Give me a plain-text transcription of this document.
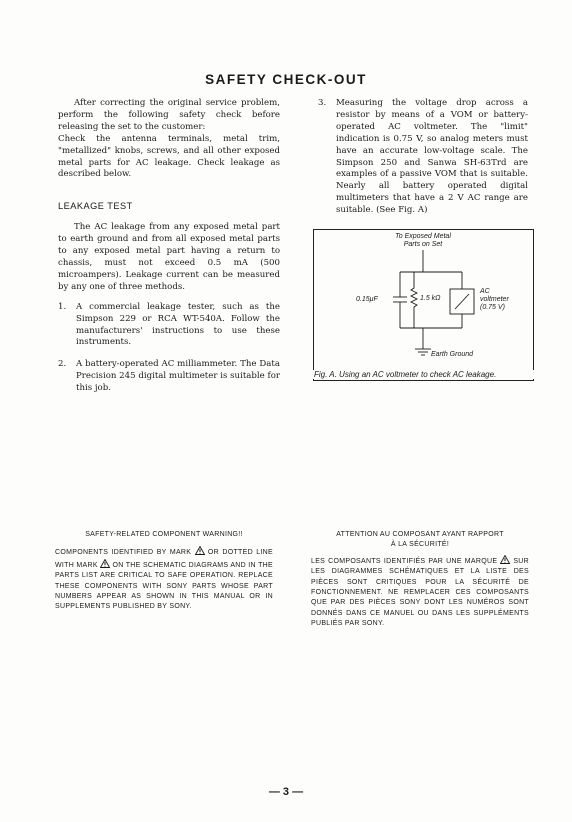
SAFETY CHECK-OUT

After correcting the original service problem, perform the following safety check before releasing the set to the customer:

Check the antenna terminals, metal trim, "metallized" knobs, screws, and all other exposed metal parts for AC leakage. Check leakage as described below.

LEAKAGE TEST

The AC leakage from any exposed metal part to earth ground and from all exposed metal parts to any exposed metal part having a return to chassis, must not exceed 0.5 mA (500 microampers). Leakage current can be measured by any one of three methods.

1.	A commercial leakage tester, such as the Simpson 229 or RCA WT-540A. Follow the manufacturers' instructions to use these instruments.
2.	A battery-operated AC milliammeter. The Data Precision 245 digital multimeter is suitable for this job.
3.	Measuring the voltage drop across a resistor by means of a VOM or battery-operated AC voltmeter. The "limit" indication is 0.75 V, so analog meters must have an accurate low-voltage scale. The Simpson 250 and Sanwa SH-63Trd are examples of a passive VOM that is suitable. Nearly all battery operated digital multimeters that have a 2 V AC range are suitable. (See Fig. A)
To Exposed Metal
Parts on Set
0.15μF	1.5 kΩ
AC
voltmeter
(0.75 V)
Earth Ground
Fig. A. Using an AC voltmeter to check AC leakage.
SAFETY-RELATED COMPONENT WARNING!!
COMPONENTS IDENTIFIED BY MARK OR DOTTED LINE WITH MARK ON THE SCHEMATIC DIAGRAMS AND IN THE PARTS LIST ARE CRITICAL TO SAFE OPERATION. REPLACE THESE COMPONENTS WITH SONY PARTS WHOSE PART NUMBERS APPEAR AS SHOWN IN THIS MANUAL OR IN SUPPLEMENTS PUBLISHED BY SONY.
ATTENTION AU COMPOSANT AYANT RAPPORT
À LA SÉCURITÉ!
LES COMPOSANTS IDENTIFIÉS PAR UNE MARQUE SUR LES DIAGRAMMES SCHÉMATIQUES ET LA LISTE DES PIÈCES SONT CRITIQUES POUR LA SÉCURITÉ DE FONCTIONNEMENT. NE REMPLACER CES COMPOSANTS QUE PAR DES PIÈCES SONY DONT LES NUMÉROS SONT DONNÉS DANS CE MANUEL OU DANS LES SUPPLÉMENTS PUBLIÉS PAR SONY.
— 3 —
